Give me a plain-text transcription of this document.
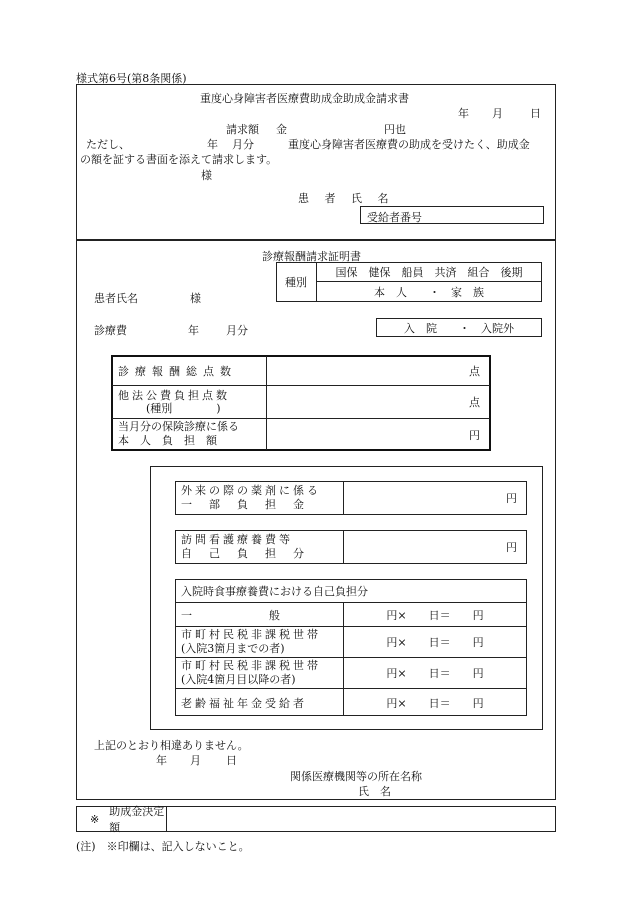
様式第6号(第8条関係)
重度心身障害者医療費助成金助成金請求書
年 月 日
請求額 金	円也
ただし、	年 月分	重度心身障害者医療費の助成を受けたく、助成金
の額を証する書面を添えて請求します。
様
患 者 氏 名
受給者番号
診療報酬請求証明書
種別
国保　健保　船員　共済　組合　後期
本　人　　・　家　族
患者氏名	様
診療費	年 月分	入　院　　・　入院外
診療報酬総点数	点
他法公費負担点数
(種別　　　　)	点
当月分の保険診療に係る
本　人　負　担　額	円
外来の際の薬剤に係る
一　部　負　担　金	円
訪問看護療養費等
自　己　負　担　分	円
入院時食事療養費における自己負担分
一　　　　　　　般	円×　　日＝　　円
市町村民税非課税世帯
(入院3箇月までの者)	円×　　日＝　　円
市町村民税非課税世帯
(入院4箇月目以降の者)	円×　　日＝　　円
老齢福祉年金受給者	円×　　日＝　　円
上記のとおり相違ありません。
年 月 日
関係医療機関等の所在名称
氏　名
※
助成金決定額
(注)　※印欄は、記入しないこと。
